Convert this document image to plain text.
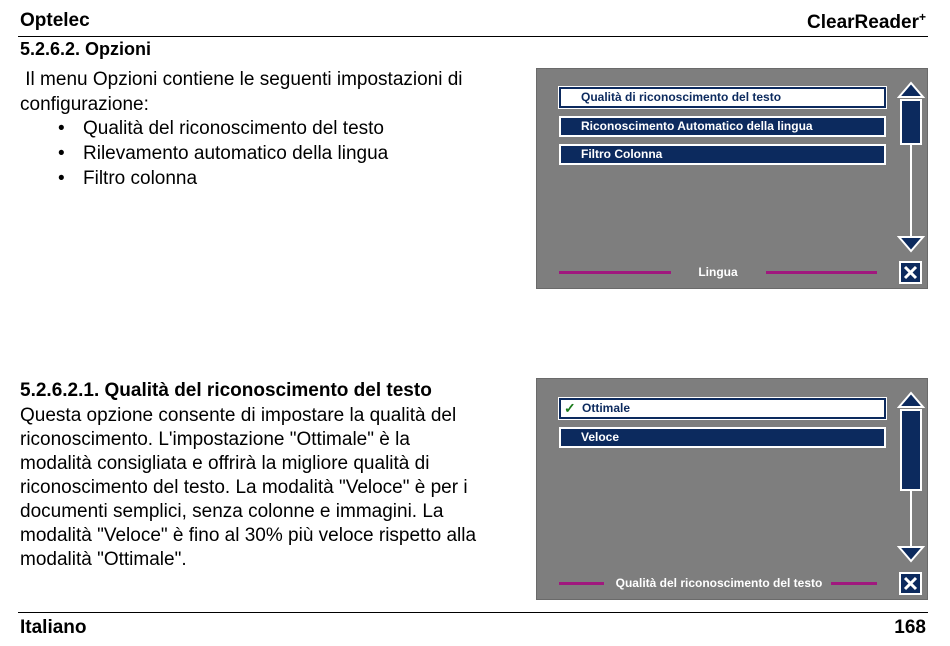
Optelec	ClearReader+
5.2.6.2. Opzioni
Il menu Opzioni contiene le seguenti impostazioni di
configurazione:
• Qualità del riconoscimento del testo
• Rilevamento automatico della lingua
• Filtro colonna
Qualità di riconoscimento del testo
Riconoscimento Automatico della lingua
Filtro Colonna
Lingua
5.2.6.2.1. Qualità del riconoscimento del testo
Questa opzione consente di impostare la qualità del
riconoscimento. L'impostazione "Ottimale" è la
modalità consigliata e offrirà la migliore qualità di
riconoscimento del testo. La modalità "Veloce" è per i
documenti semplici, senza colonne e immagini. La
modalità "Veloce" è fino al 30% più veloce rispetto alla
modalità "Ottimale".
✓ Ottimale
Veloce
Qualità del riconoscimento del testo
Italiano	168
